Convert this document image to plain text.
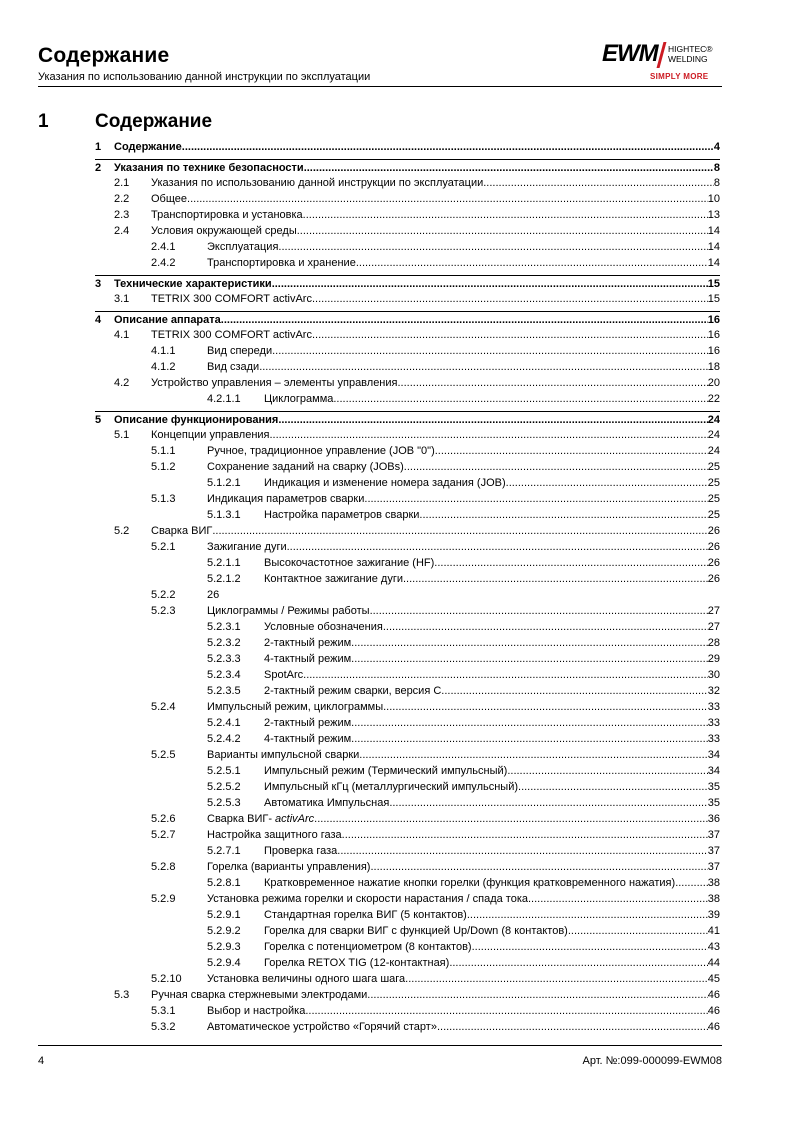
Содержание
Указания по использованию данной инструкции по эксплуатации
EWM HIGHTEC®
WELDING
SIMPLY MORE
1 Содержание
1 Содержание .....	4
2 Указания по технике безопасности .....	8
2.1 Указания по использованию данной инструкции по эксплуатации .....	8
2.2 Общее .....	10
2.3 Транспортировка и установка .....	13
2.4 Условия окружающей среды .....	14
2.4.1	Эксплуатация .....	14
2.4.2	Транспортировка и хранение .....	14
3 Технические характеристики .....	15
3.1 TETRIX 300 COMFORT activArc .....	15
4 Описание аппарата .....	16
4.1 TETRIX 300 COMFORT activArc .....	16
4.1.1	Вид спереди .....	16
4.1.2	Вид сзади .....	18
4.2 Устройство управления – элементы управления .....	20
4.2.1.1 Циклограмма .....	22
5 Описание функционирования .....	24
5.1 Концепции управления .....	24
5.1.1	Ручное, традиционное управление (JOB "0") .....	24
5.1.2	Сохранение заданий на сварку (JOBs) .....	25
5.1.2.1 Индикация и изменение номера задания (JOB) .....	25
5.1.3	Индикация параметров сварки .....	25
5.1.3.1 Настройка параметров сварки .....	25
5.2 Сварка ВИГ .....	26
5.2.1	Зажигание дуги .....	26
5.2.1.1 Высокочастотное зажигание (HF) .....	26
5.2.1.2 Контактное зажигание дуги .....	26
5.2.2	26
5.2.3	Циклограммы / Режимы работы .....	27
5.2.3.1 Условные обозначения .....	27
5.2.3.2 2-тактный режим .....	28
5.2.3.3 4-тактный режим .....	29
5.2.3.4 SpotArc .....	30
5.2.3.5 2-тактный режим сварки, версия С .....	32
5.2.4	Импульсный режим, циклограммы .....	33
5.2.4.1 2-тактный режим .....	33
5.2.4.2 4-тактный режим .....	33
5.2.5	Варианты импульсной сварки .....	34
5.2.5.1 Импульсный режим (Термический импульсный) .....	34
5.2.5.2 Импульсный кГц (металлургический импульсный) .....	35
5.2.5.3 Автоматика Импульсная .....	35
5.2.6	Сварка ВИГ- activArc .....	36
5.2.7	Настройка защитного газа .....	37
5.2.7.1 Проверка газа .....	37
5.2.8	Горелка (варианты управления) .....	37
5.2.8.1 Кратковременное нажатие кнопки горелки (функция кратковременного нажатия) .....	38
5.2.9	Установка режима горелки и скорости нарастания / спада тока .....	38
5.2.9.1 Стандартная горелка ВИГ (5 контактов) .....	39
5.2.9.2 Горелка для сварки ВИГ с функцией Up/Down (8 контактов) .....	41
5.2.9.3 Горелка с потенциометром (8 контактов) .....	43
5.2.9.4 Горелка RETOX TIG (12-контактная) .....	44
5.2.10 Установка величины одного шага шага .....	45
5.3 Ручная сварка стержневыми электродами .....	46
5.3.1	Выбор и настройка .....	46
5.3.2	Автоматическое устройство «Горячий старт» .....	46
4	Арт. №:099-000099-EWM08
